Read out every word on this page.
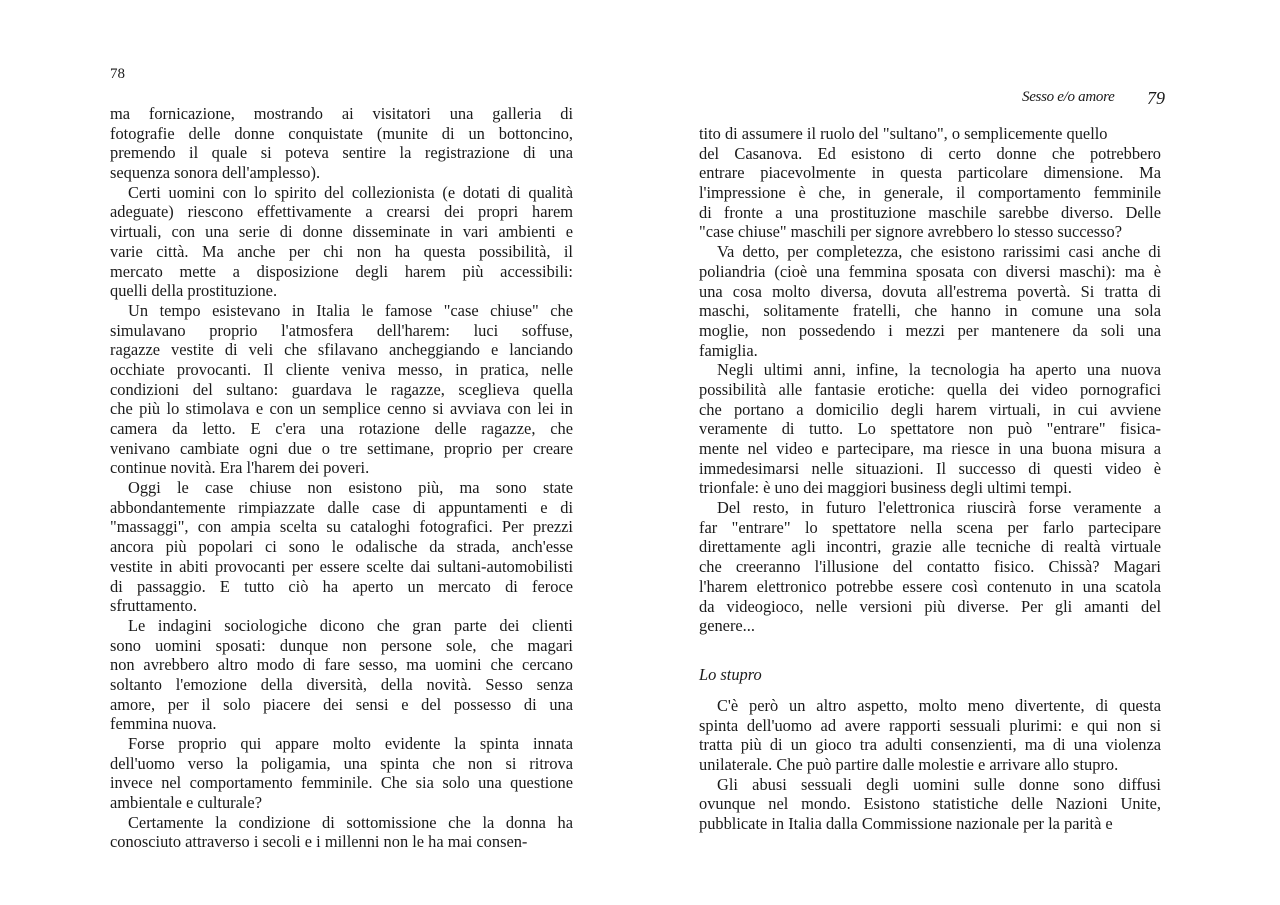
78
Sesso e/o amore 79
ma fornicazione, mostrando ai visitatori una galleria di
fotografie delle donne conquistate (munite di un bottoncino,
premendo il quale si poteva sentire la registrazione di una
sequenza sonora dell'amplesso).
Certi uomini con lo spirito del collezionista (e dotati di qualità
adeguate) riescono effettivamente a crearsi dei propri harem
virtuali, con una serie di donne disseminate in vari ambienti e
varie città. Ma anche per chi non ha questa possibilità, il
mercato mette a disposizione degli harem più accessibili:
quelli della prostituzione.
Un tempo esistevano in Italia le famose "case chiuse" che
simulavano proprio l'atmosfera dell'harem: luci soffuse,
ragazze vestite di veli che sfilavano ancheggiando e lanciando
occhiate provocanti. Il cliente veniva messo, in pratica, nelle
condizioni del sultano: guardava le ragazze, sceglieva quella
che più lo stimolava e con un semplice cenno si avviava con lei in
camera da letto. E c'era una rotazione delle ragazze, che
venivano cambiate ogni due o tre settimane, proprio per creare
continue novità. Era l'harem dei poveri.
Oggi le case chiuse non esistono più, ma sono state
abbondantemente rimpiazzate dalle case di appuntamenti e di
"massaggi", con ampia scelta su cataloghi fotografici. Per prezzi
ancora più popolari ci sono le odalische da strada, anch'esse
vestite in abiti provocanti per essere scelte dai sultani-automobilisti
di passaggio. E tutto ciò ha aperto un mercato di feroce
sfruttamento.
Le indagini sociologiche dicono che gran parte dei clienti
sono uomini sposati: dunque non persone sole, che magari
non avrebbero altro modo di fare sesso, ma uomini che cercano
soltanto l'emozione della diversità, della novità. Sesso senza
amore, per il solo piacere dei sensi e del possesso di una
femmina nuova.
Forse proprio qui appare molto evidente la spinta innata
dell'uomo verso la poligamia, una spinta che non si ritrova
invece nel comportamento femminile. Che sia solo una questione
ambientale e culturale?
Certamente la condizione di sottomissione che la donna ha
conosciuto attraverso i secoli e i millenni non le ha mai consen-
tito di assumere il ruolo del "sultano", o semplicemente quello
del Casanova. Ed esistono di certo donne che potrebbero
entrare piacevolmente in questa particolare dimensione. Ma
l'impressione è che, in generale, il comportamento femminile
di fronte a una prostituzione maschile sarebbe diverso. Delle
"case chiuse" maschili per signore avrebbero lo stesso successo?
Va detto, per completezza, che esistono rarissimi casi anche di
poliandria (cioè una femmina sposata con diversi maschi): ma è
una cosa molto diversa, dovuta all'estrema povertà. Si tratta di
maschi, solitamente fratelli, che hanno in comune una sola
moglie, non possedendo i mezzi per mantenere da soli una
famiglia.
Negli ultimi anni, infine, la tecnologia ha aperto una nuova
possibilità alle fantasie erotiche: quella dei video pornografici
che portano a domicilio degli harem virtuali, in cui avviene
veramente di tutto. Lo spettatore non può "entrare" fisica-
mente nel video e partecipare, ma riesce in una buona misura a
immedesimarsi nelle situazioni. Il successo di questi video è
trionfale: è uno dei maggiori business degli ultimi tempi.
Del resto, in futuro l'elettronica riuscirà forse veramente a
far "entrare" lo spettatore nella scena per farlo partecipare
direttamente agli incontri, grazie alle tecniche di realtà virtuale
che creeranno l'illusione del contatto fisico. Chissà? Magari
l'harem elettronico potrebbe essere così contenuto in una scatola
da videogioco, nelle versioni più diverse. Per gli amanti del
genere...
Lo stupro
C'è però un altro aspetto, molto meno divertente, di questa
spinta dell'uomo ad avere rapporti sessuali plurimi: e qui non si
tratta più di un gioco tra adulti consenzienti, ma di una violenza
unilaterale. Che può partire dalle molestie e arrivare allo stupro.
Gli abusi sessuali degli uomini sulle donne sono diffusi
ovunque nel mondo. Esistono statistiche delle Nazioni Unite,
pubblicate in Italia dalla Commissione nazionale per la parità e
